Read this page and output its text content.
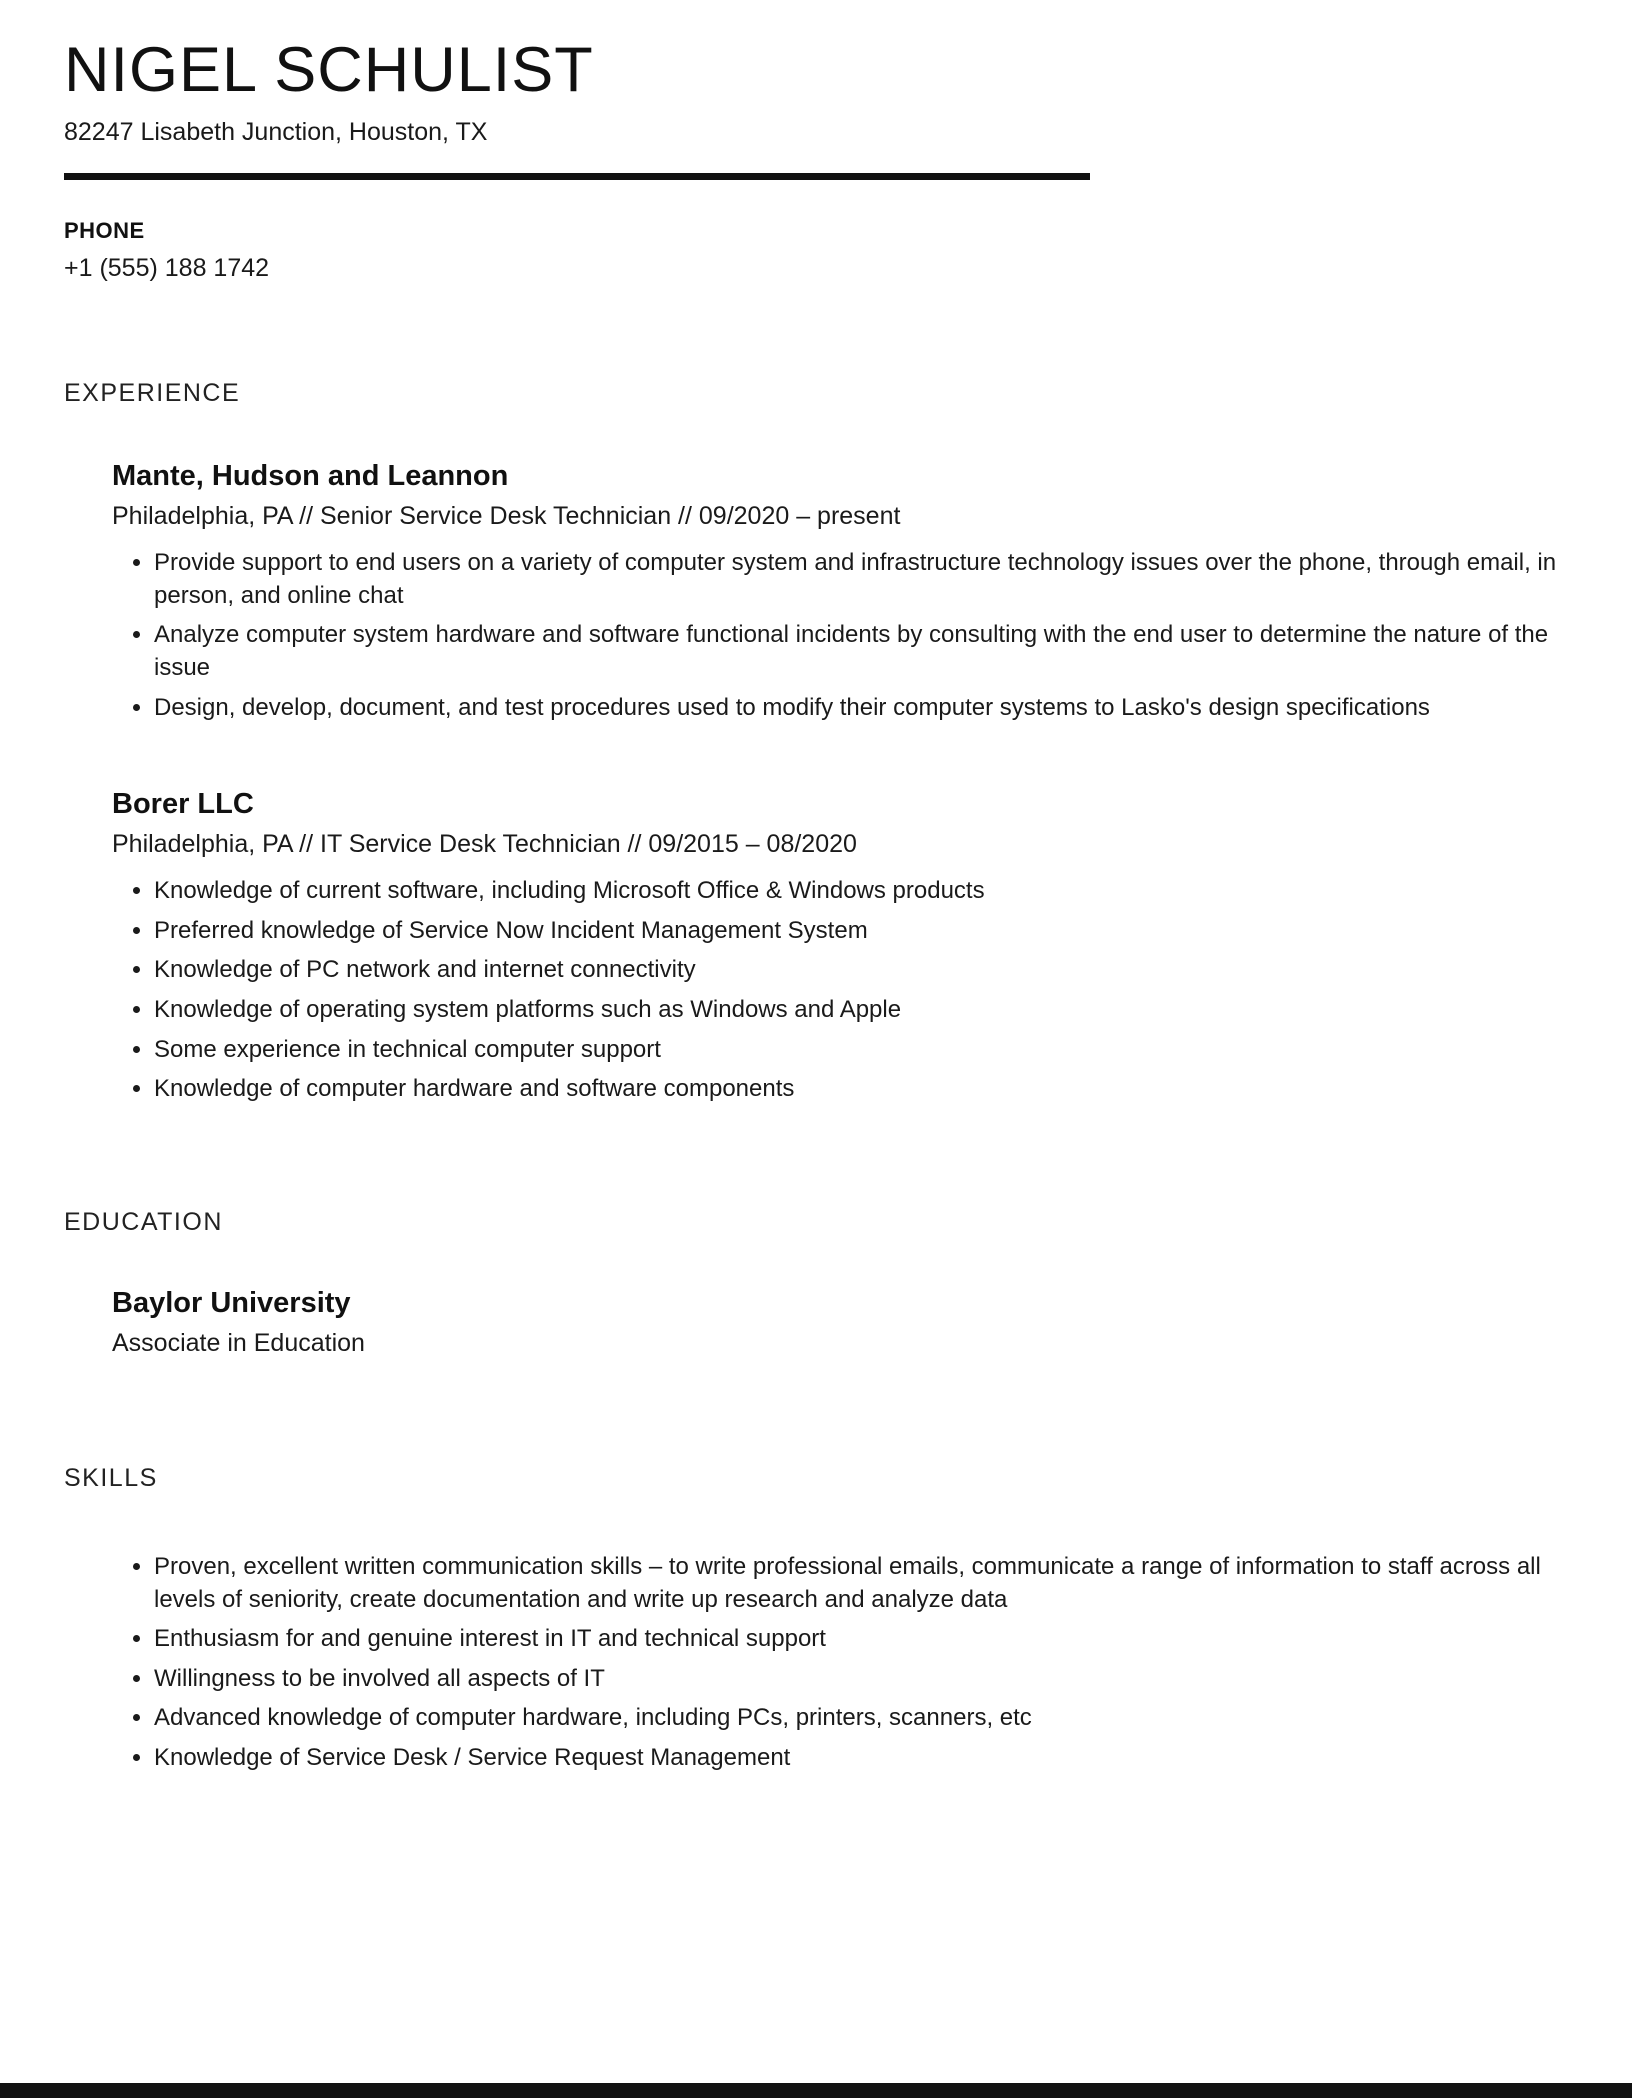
NIGEL SCHULIST
82247 Lisabeth Junction, Houston, TX
PHONE
+1 (555) 188 1742
EXPERIENCE
Mante, Hudson and Leannon
Philadelphia, PA // Senior Service Desk Technician // 09/2020 – present
• Provide support to end users on a variety of computer system and infrastructure technology issues over the phone, through email, in person, and online chat
• Analyze computer system hardware and software functional incidents by consulting with the end user to determine the nature of the issue
• Design, develop, document, and test procedures used to modify their computer systems to Lasko's design specifications
Borer LLC
Philadelphia, PA // IT Service Desk Technician // 09/2015 – 08/2020
• Knowledge of current software, including Microsoft Office & Windows products
• Preferred knowledge of Service Now Incident Management System
• Knowledge of PC network and internet connectivity
• Knowledge of operating system platforms such as Windows and Apple
• Some experience in technical computer support
• Knowledge of computer hardware and software components
EDUCATION
Baylor University
Associate in Education
SKILLS
• Proven, excellent written communication skills – to write professional emails, communicate a range of information to staff across all levels of seniority, create documentation and write up research and analyze data
• Enthusiasm for and genuine interest in IT and technical support
• Willingness to be involved all aspects of IT
• Advanced knowledge of computer hardware, including PCs, printers, scanners, etc
• Knowledge of Service Desk / Service Request Management
